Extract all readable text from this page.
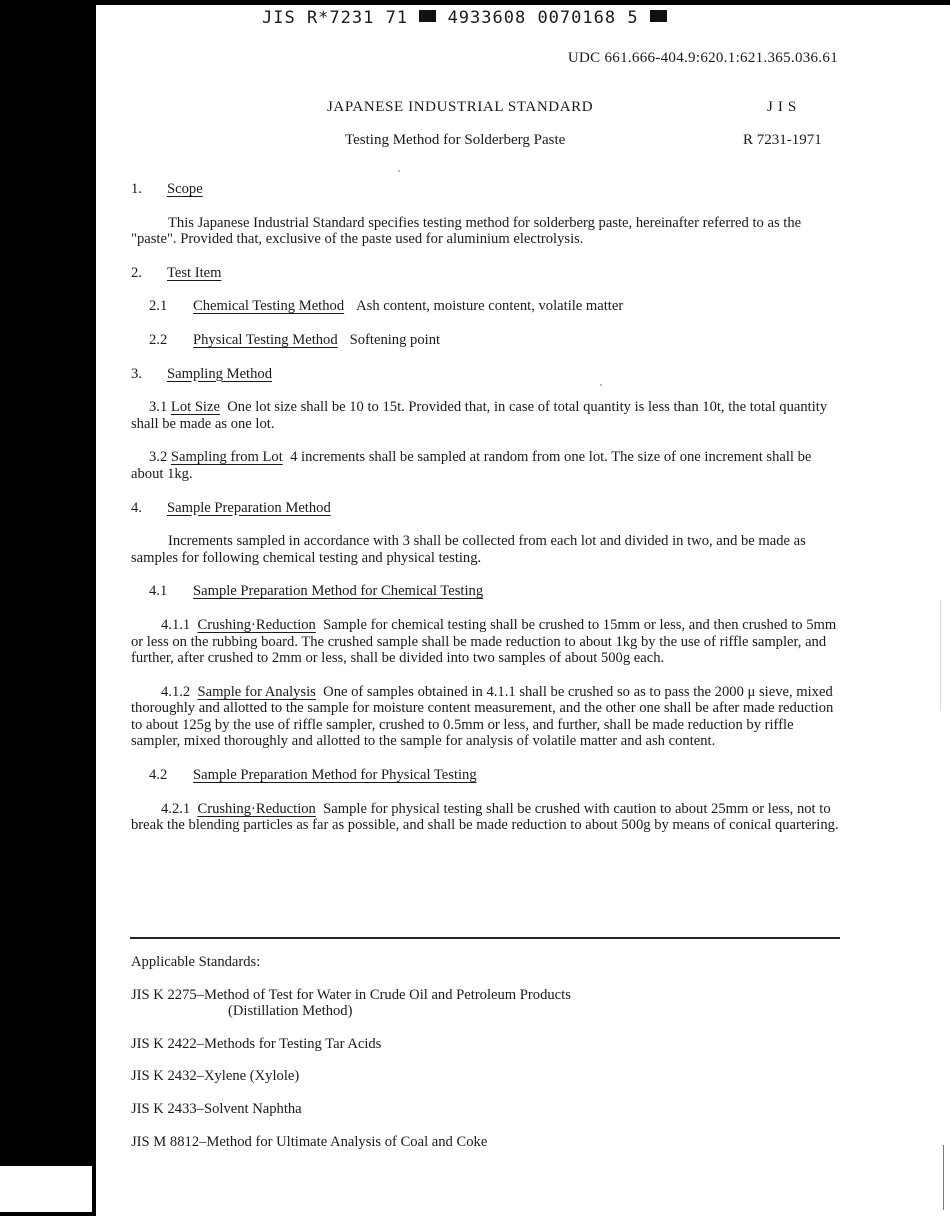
JIS R*7231 71 4933608 0070168 5
UDC 661.666-404.9:620.1:621.365.036.61
JAPANESE INDUSTRIAL STANDARD	JIS
Testing Method for Solderberg Paste	R 7231-1971

1. Scope

This Japanese Industrial Standard specifies testing method for solderberg paste, hereinafter referred to as the "paste". Provided that, exclusive of the paste used for aluminium electrolysis.

2. Test Item

2.1 Chemical Testing Method Ash content, moisture content, volatile matter

2.2 Physical Testing Method Softening point

3. Sampling Method

3.1 Lot Size One lot size shall be 10 to 15t. Provided that, in case of total quantity is less than 10t, the total quantity shall be made as one lot.

3.2 Sampling from Lot 4 increments shall be sampled at random from one lot. The size of one increment shall be about 1kg.

4. Sample Preparation Method

Increments sampled in accordance with 3 shall be collected from each lot and divided in two, and be made as samples for following chemical testing and physical testing.

4.1 Sample Preparation Method for Chemical Testing

4.1.1 Crushing·Reduction Sample for chemical testing shall be crushed to 15mm or less, and then crushed to 5mm or less on the rubbing board. The crushed sample shall be made reduction to about 1kg by the use of riffle sampler, and further, after crushed to 2mm or less, shall be divided into two samples of about 500g each.

4.1.2 Sample for Analysis One of samples obtained in 4.1.1 shall be crushed so as to pass the 2000 μ sieve, mixed thoroughly and allotted to the sample for moisture content measurement, and the other one shall be after made reduction to about 125g by the use of riffle sampler, crushed to 0.5mm or less, and further, shall be made reduction by riffle sampler, mixed thoroughly and allotted to the sample for analysis of volatile matter and ash content.

4.2 Sample Preparation Method for Physical Testing

4.2.1 Crushing·Reduction Sample for physical testing shall be crushed with caution to about 25mm or less, not to break the blending particles as far as possible, and shall be made reduction to about 500g by means of conical quartering.

Applicable Standards:

JIS K 2275–Method of Test for Water in Crude Oil and Petroleum Products

(Distillation Method)

JIS K 2422–Methods for Testing Tar Acids

JIS K 2432–Xylene (Xylole)

JIS K 2433–Solvent Naphtha

JIS M 8812–Method for Ultimate Analysis of Coal and Coke
